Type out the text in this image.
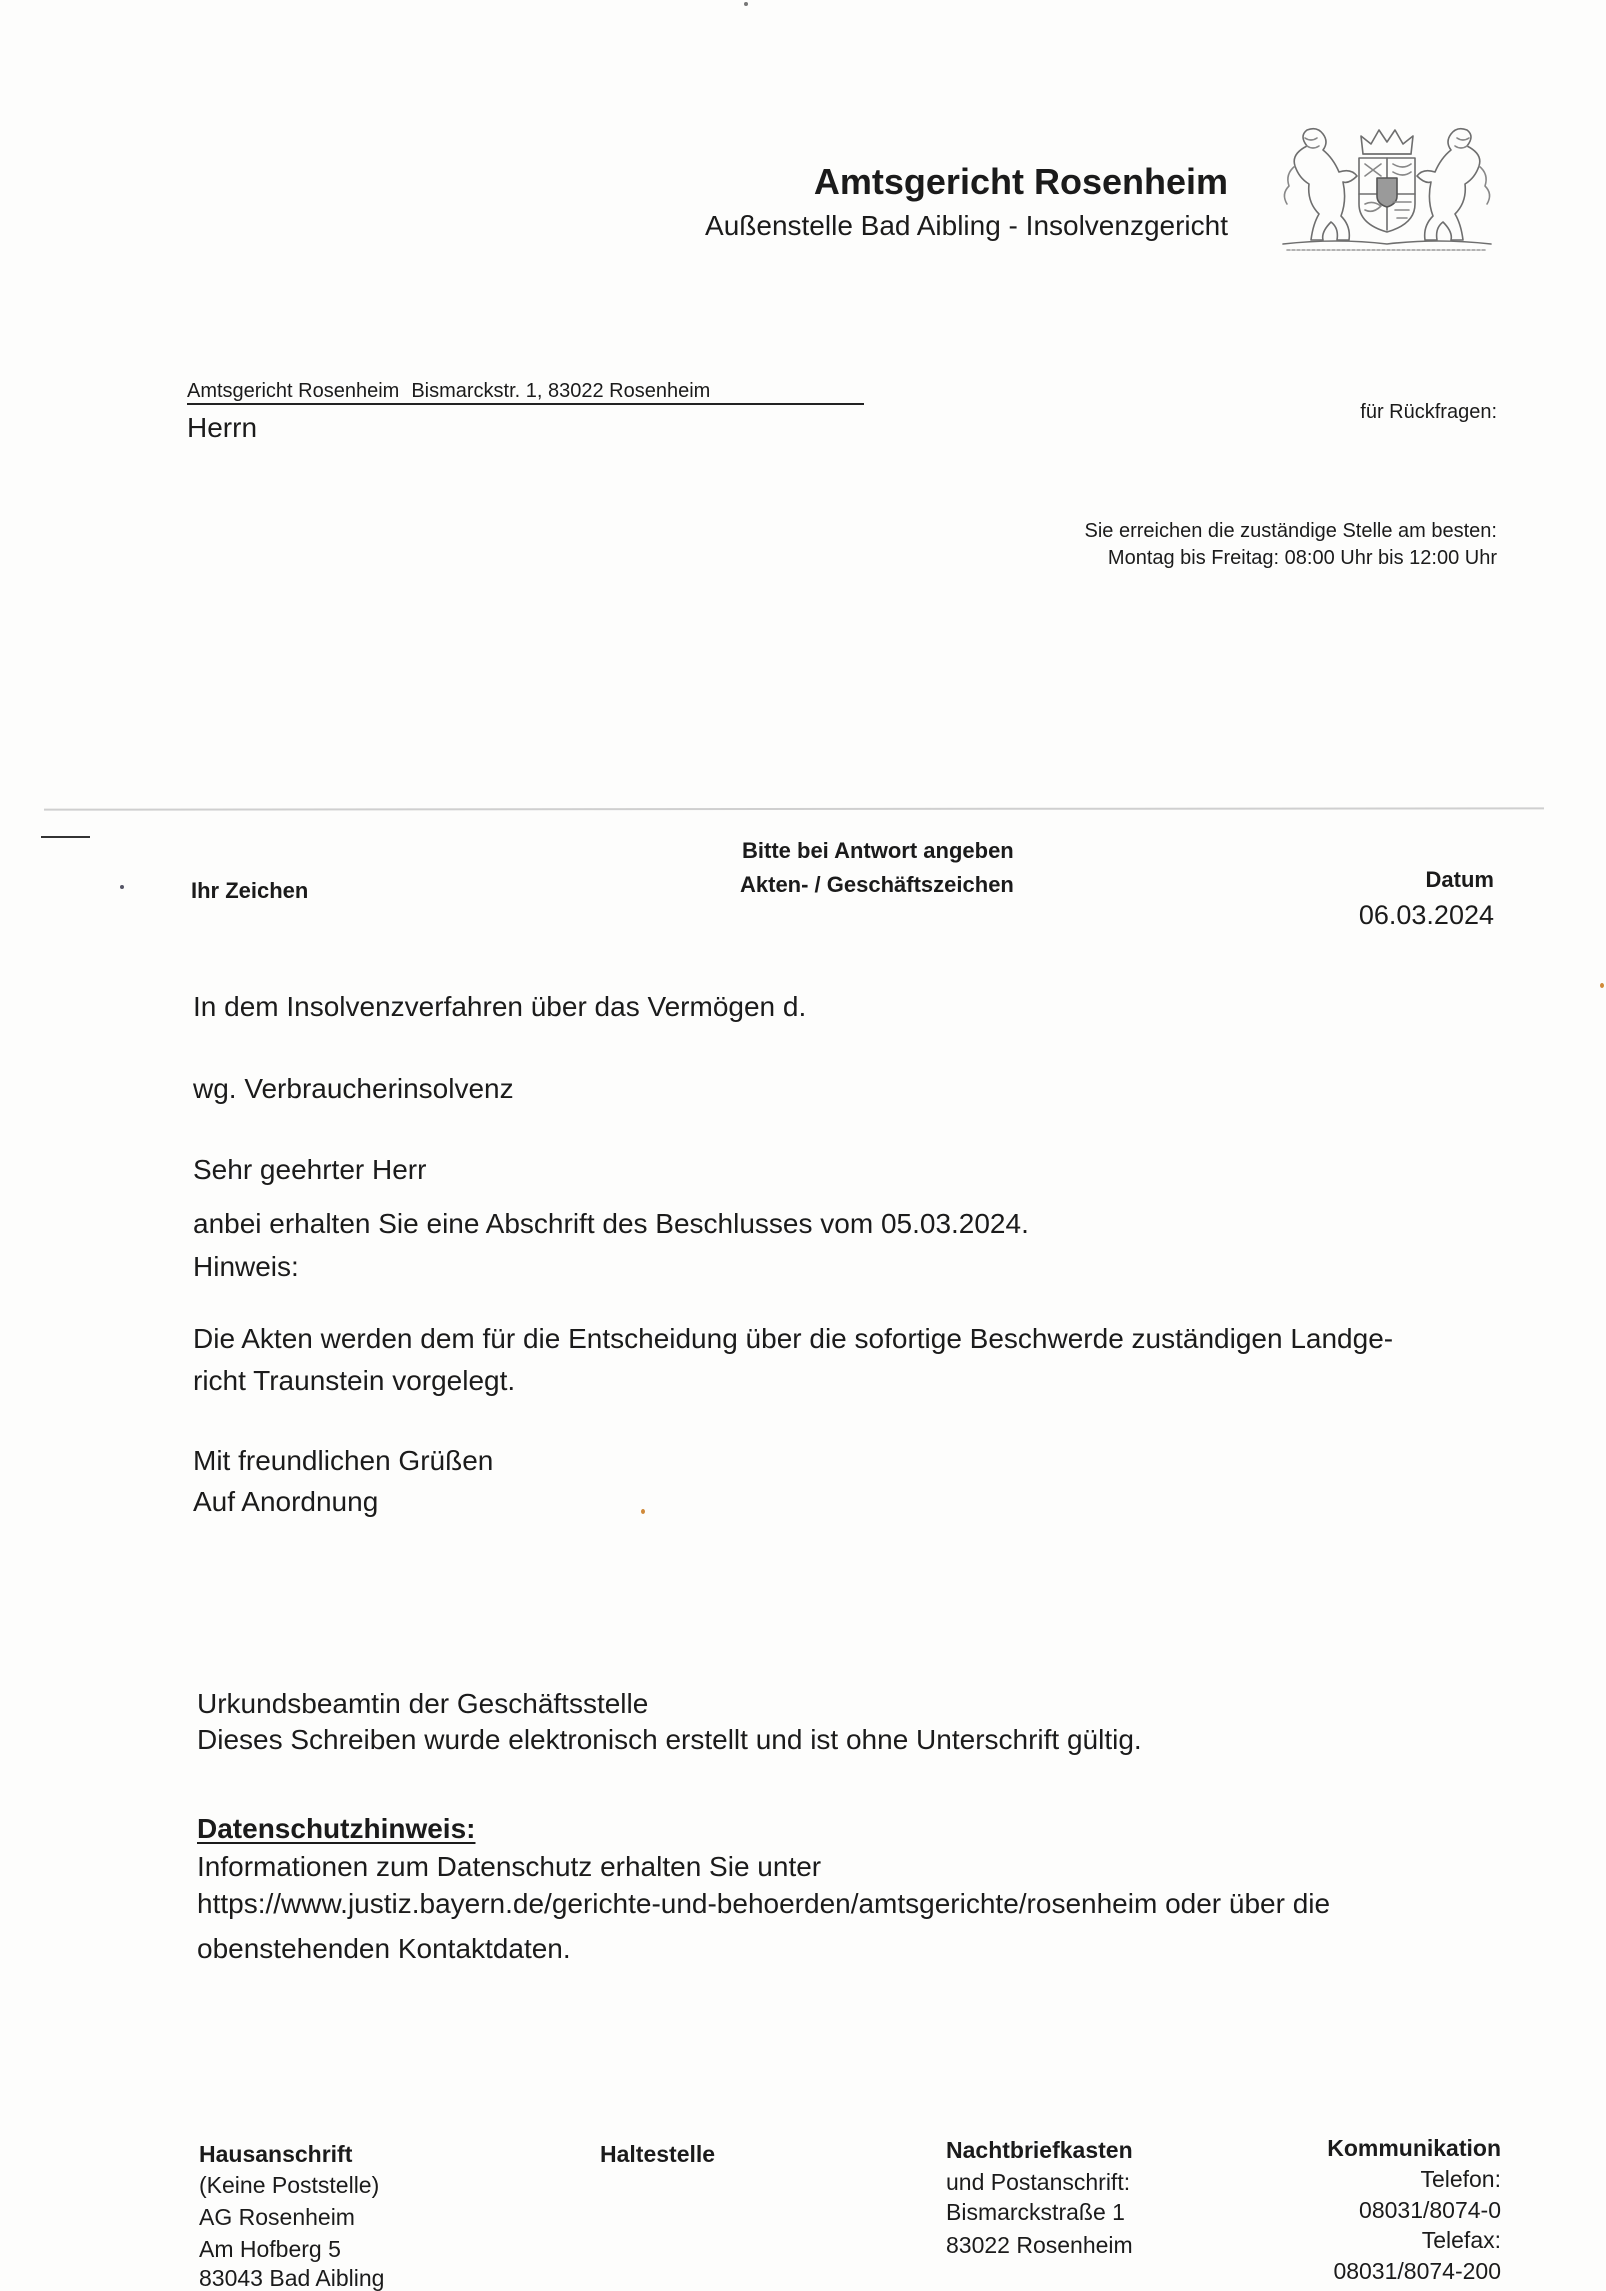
Amtsgericht Rosenheim
Außenstelle Bad Aibling - Insolvenzgericht
Amtsgericht Rosenheim Bismarckstr. 1, 83022 Rosenheim
Herrn	für Rückfragen:
Sie erreichen die zuständige Stelle am besten:
Montag bis Freitag: 08:00 Uhr bis 12:00 Uhr
Ihr Zeichen
Bitte bei Antwort angeben
Akten- / Geschäftszeichen	Datum
06.03.2024
In dem Insolvenzverfahren über das Vermögen d.
wg. Verbraucherinsolvenz
Sehr geehrter Herr
anbei erhalten Sie eine Abschrift des Beschlusses vom 05.03.2024.
Hinweis:
Die Akten werden dem für die Entscheidung über die sofortige Beschwerde zuständigen Landge-
richt Traunstein vorgelegt.
Mit freundlichen Grüßen
Auf Anordnung
Urkundsbeamtin der Geschäftsstelle
Dieses Schreiben wurde elektronisch erstellt und ist ohne Unterschrift gültig.
Datenschutzhinweis:
Informationen zum Datenschutz erhalten Sie unter
https://www.justiz.bayern.de/gerichte-und-behoerden/amtsgerichte/rosenheim oder über die
obenstehenden Kontaktdaten.
Hausanschrift
(Keine Poststelle)
AG Rosenheim
Am Hofberg 5
83043 Bad Aibling
Haltestelle	Nachtbriefkasten
und Postanschrift:
Bismarckstraße 1
83022 Rosenheim
Kommunikation
Telefon:
08031/8074-0
Telefax:
08031/8074-200
